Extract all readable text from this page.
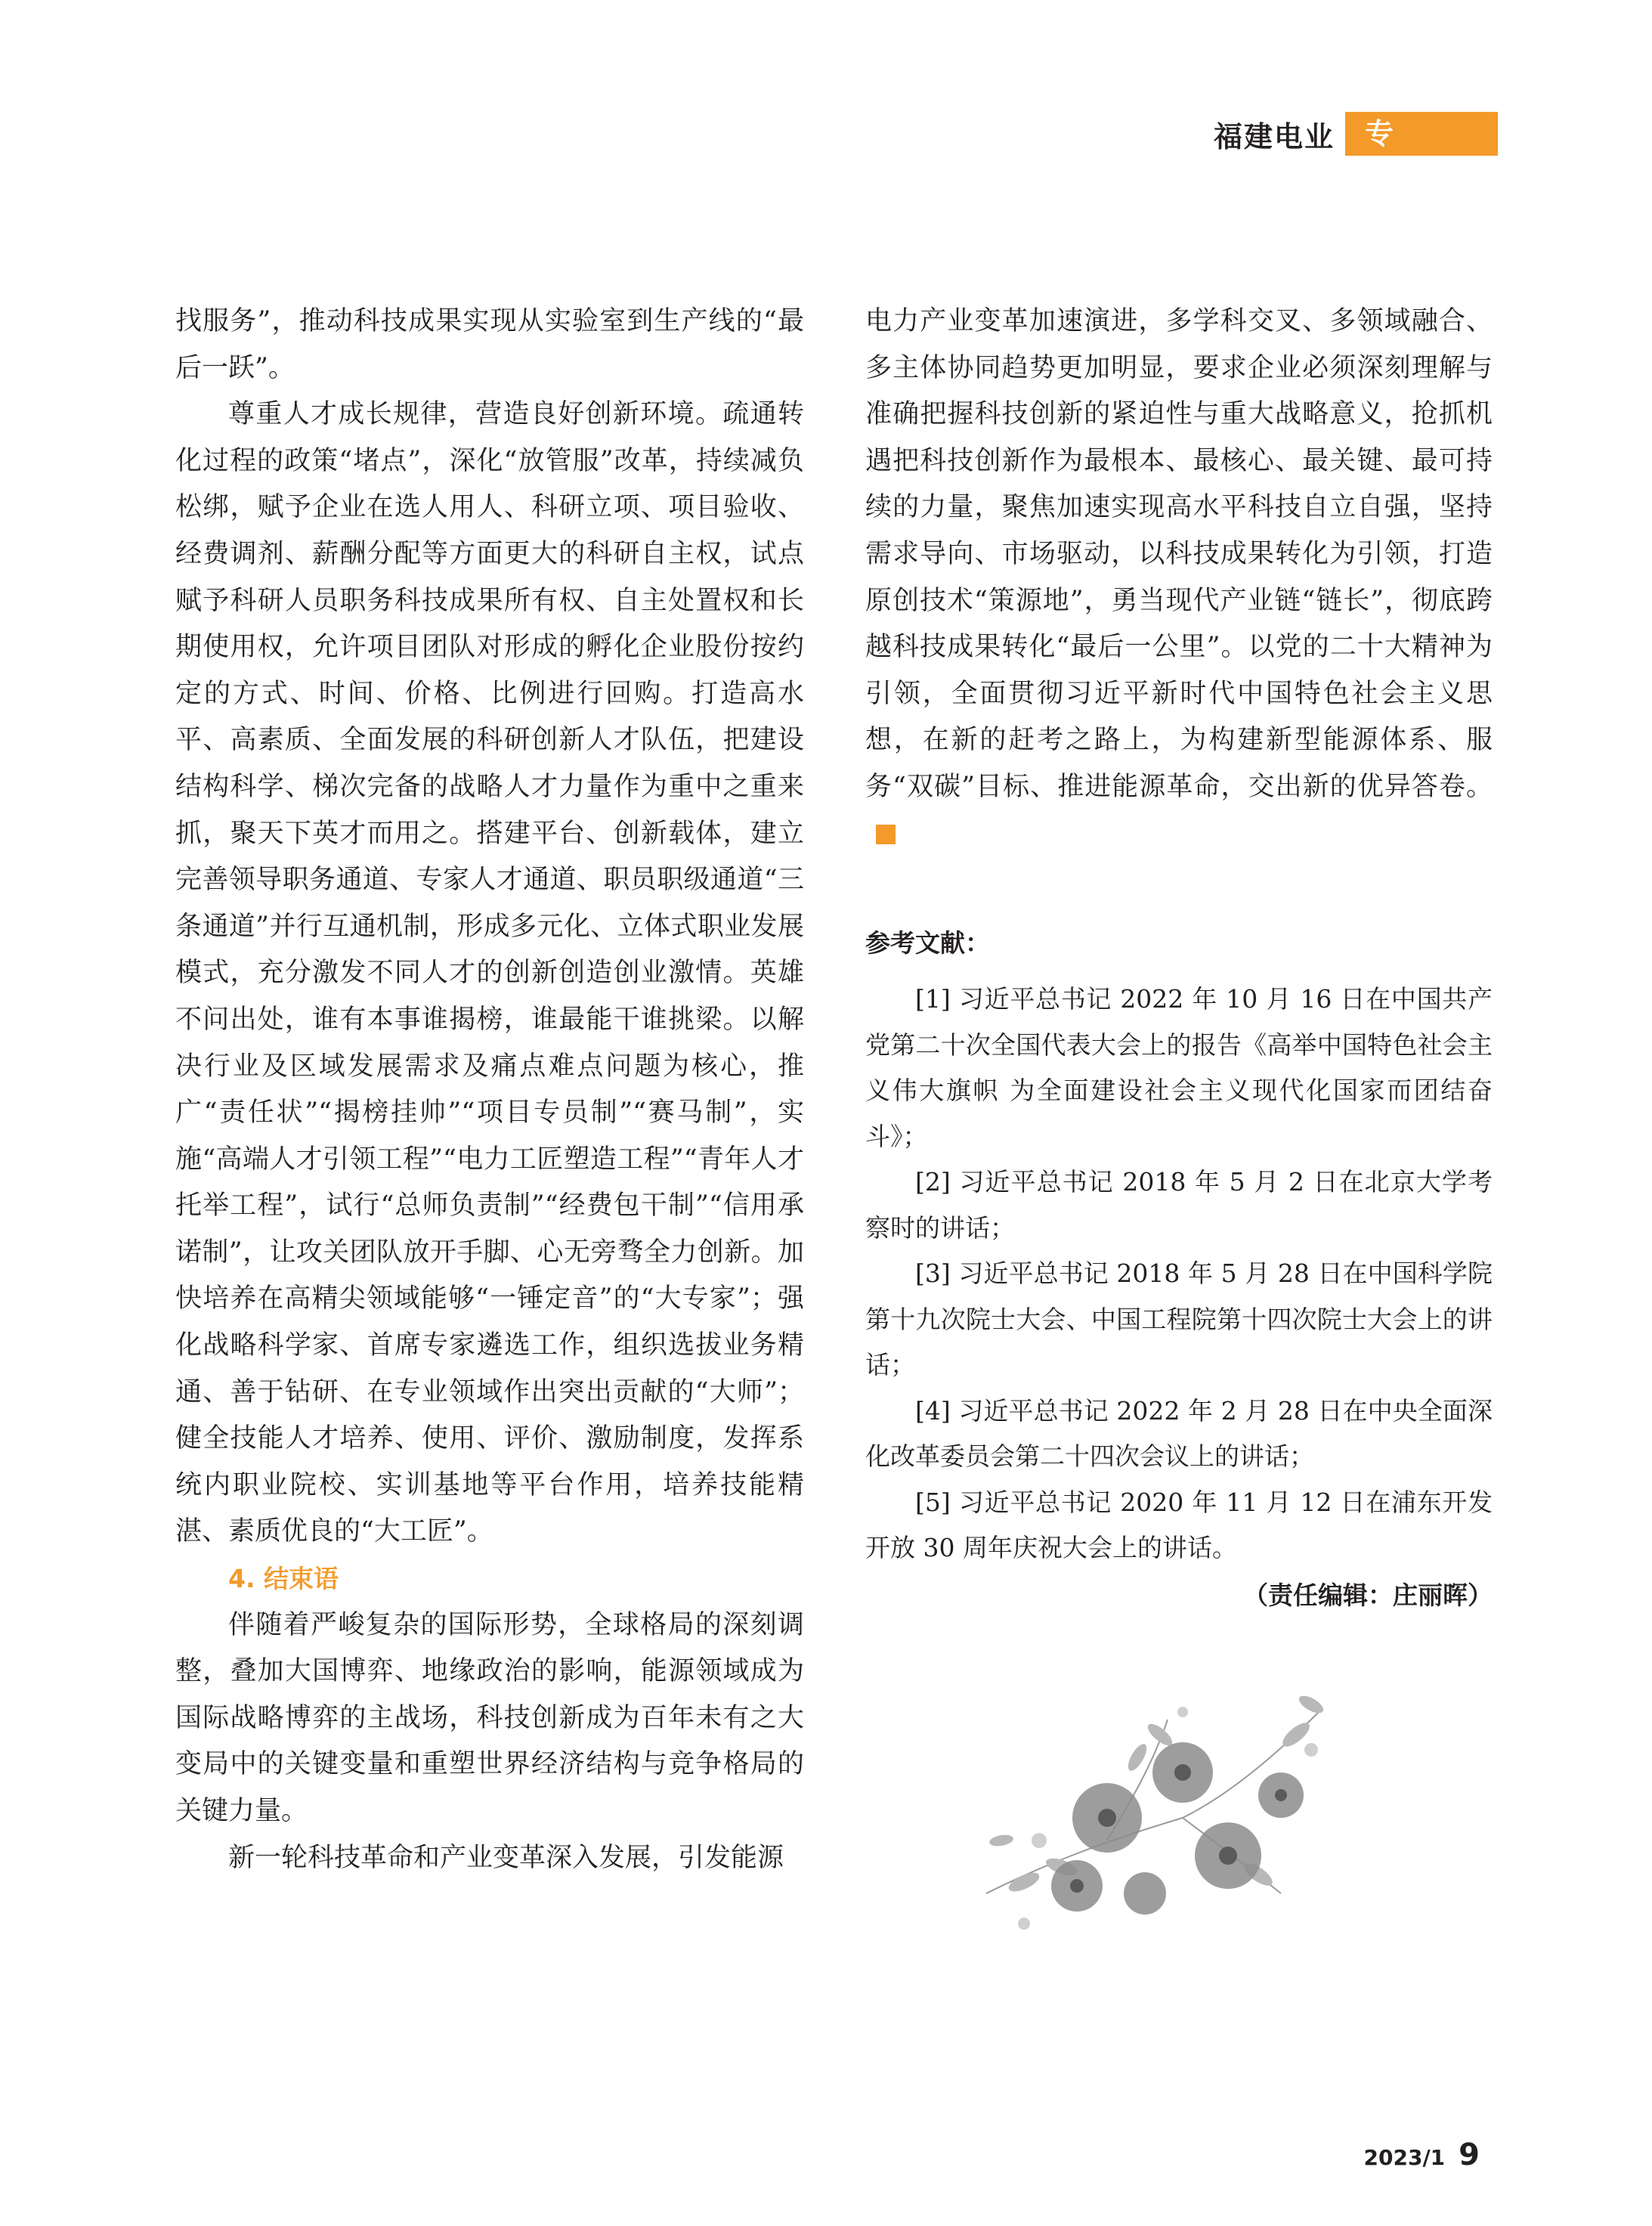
福建电业	专 稿

找服务”，推动科技成果实现从实验室到生产线的“最后一跃”。

尊重人才成长规律，营造良好创新环境。疏通转化过程的政策“堵点”，深化“放管服”改革，持续减负松绑，赋予企业在选人用人、科研立项、项目验收、经费调剂、薪酬分配等方面更大的科研自主权，试点赋予科研人员职务科技成果所有权、自主处置权和长期使用权，允许项目团队对形成的孵化企业股份按约定的方式、时间、价格、比例进行回购。打造高水平、高素质、全面发展的科研创新人才队伍，把建设结构科学、梯次完备的战略人才力量作为重中之重来抓，聚天下英才而用之。搭建平台、创新载体，建立完善领导职务通道、专家人才通道、职员职级通道“三条通道”并行互通机制，形成多元化、立体式职业发展模式，充分激发不同人才的创新创造创业激情。英雄不问出处，谁有本事谁揭榜，谁最能干谁挑梁。以解决行业及区域发展需求及痛点难点问题为核心，推广“责任状”“揭榜挂帅”“项目专员制”“赛马制”，实施“高端人才引领工程”“电力工匠塑造工程”“青年人才托举工程”，试行“总师负责制”“经费包干制”“信用承诺制”，让攻关团队放开手脚、心无旁骛全力创新。加快培养在高精尖领域能够“一锤定音”的“大专家”；强化战略科学家、首席专家遴选工作，组织选拔业务精通、善于钻研、在专业领域作出突出贡献的“大师”；健全技能人才培养、使用、评价、激励制度，发挥系统内职业院校、实训基地等平台作用，培养技能精湛、素质优良的“大工匠”。

4. 结束语

伴随着严峻复杂的国际形势，全球格局的深刻调整，叠加大国博弈、地缘政治的影响，能源领域成为国际战略博弈的主战场，科技创新成为百年未有之大变局中的关键变量和重塑世界经济结构与竞争格局的关键力量。

新一轮科技革命和产业变革深入发展，引发能源

电力产业变革加速演进，多学科交叉、多领域融合、多主体协同趋势更加明显，要求企业必须深刻理解与准确把握科技创新的紧迫性与重大战略意义，抢抓机遇把科技创新作为最根本、最核心、最关键、最可持续的力量，聚焦加速实现高水平科技自立自强，坚持需求导向、市场驱动，以科技成果转化为引领，打造原创技术“策源地”，勇当现代产业链“链长”，彻底跨越科技成果转化“最后一公里”。以党的二十大精神为引领，全面贯彻习近平新时代中国特色社会主义思想，在新的赶考之路上，为构建新型能源体系、服务“双碳”目标、推进能源革命，交出新的优异答卷。

参考文献：

[1] 习近平总书记 2022 年 10 月 16 日在中国共产党第二十次全国代表大会上的报告《高举中国特色社会主义伟大旗帜 为全面建设社会主义现代化国家而团结奋斗》；

[2] 习近平总书记 2018 年 5 月 2 日在北京大学考察时的讲话；

[3] 习近平总书记 2018 年 5 月 28 日在中国科学院第十九次院士大会、中国工程院第十四次院士大会上的讲话；

[4] 习近平总书记 2022 年 2 月 28 日在中央全面深化改革委员会第二十四次会议上的讲话；

[5] 习近平总书记 2020 年 11 月 12 日在浦东开发开放 30 周年庆祝大会上的讲话。

（责任编辑：庄丽晖）

2023/1 9
